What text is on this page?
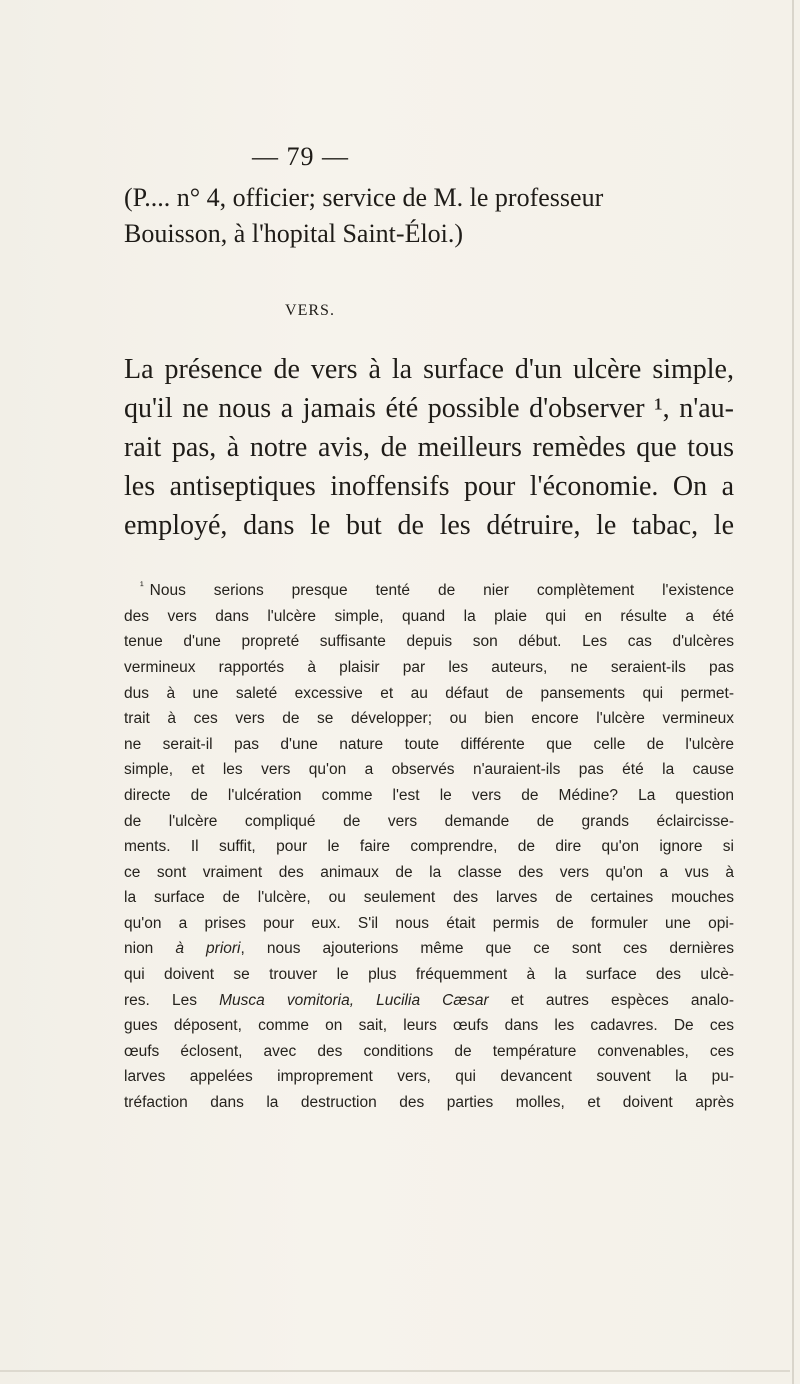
— 79 —
(P.... n° 4, officier; service de M. le professeur
Bouisson, à l'hopital Saint-Éloi.)
VERS.
La présence de vers à la surface d'un ulcère simple,
qu'il ne nous a jamais été possible d'observer ¹, n'au-
rait pas, à notre avis, de meilleurs remèdes que tous
les antiseptiques inoffensifs pour l'économie. On a
employé, dans le but de les détruire, le tabac, le
$^{^1}$ Nous serions presque tenté de nier complètement l'existence
des vers dans l'ulcère simple, quand la plaie qui en résulte a été
tenue d'une propreté suffisante depuis son début. Les cas d'ulcères
vermineux rapportés à plaisir par les auteurs, ne seraient-ils pas
dus à une saleté excessive et au défaut de pansements qui permet-
trait à ces vers de se développer; ou bien encore l'ulcère vermineux
ne serait-il pas d'une nature toute différente que celle de l'ulcère
simple, et les vers qu'on a observés n'auraient-ils pas été la cause
directe de l'ulcération comme l'est le vers de Médine? La question
de l'ulcère compliqué de vers demande de grands éclaircisse-
ments. Il suffit, pour le faire comprendre, de dire qu'on ignore si
ce sont vraiment des animaux de la classe des vers qu'on a vus à
la surface de l'ulcère, ou seulement des larves de certaines mouches
qu'on a prises pour eux. S'il nous était permis de formuler une opi-
nion à priori, nous ajouterions même que ce sont ces dernières
qui doivent se trouver le plus fréquemment à la surface des ulcè-
res. Les Musca vomitoria, Lucilia Cæsar et autres espèces analo-
gues déposent, comme on sait, leurs œufs dans les cadavres. De ces
œufs éclosent, avec des conditions de température convenables, ces
larves appelées improprement vers, qui devancent souvent la pu-
tréfaction dans la destruction des parties molles, et doivent après
